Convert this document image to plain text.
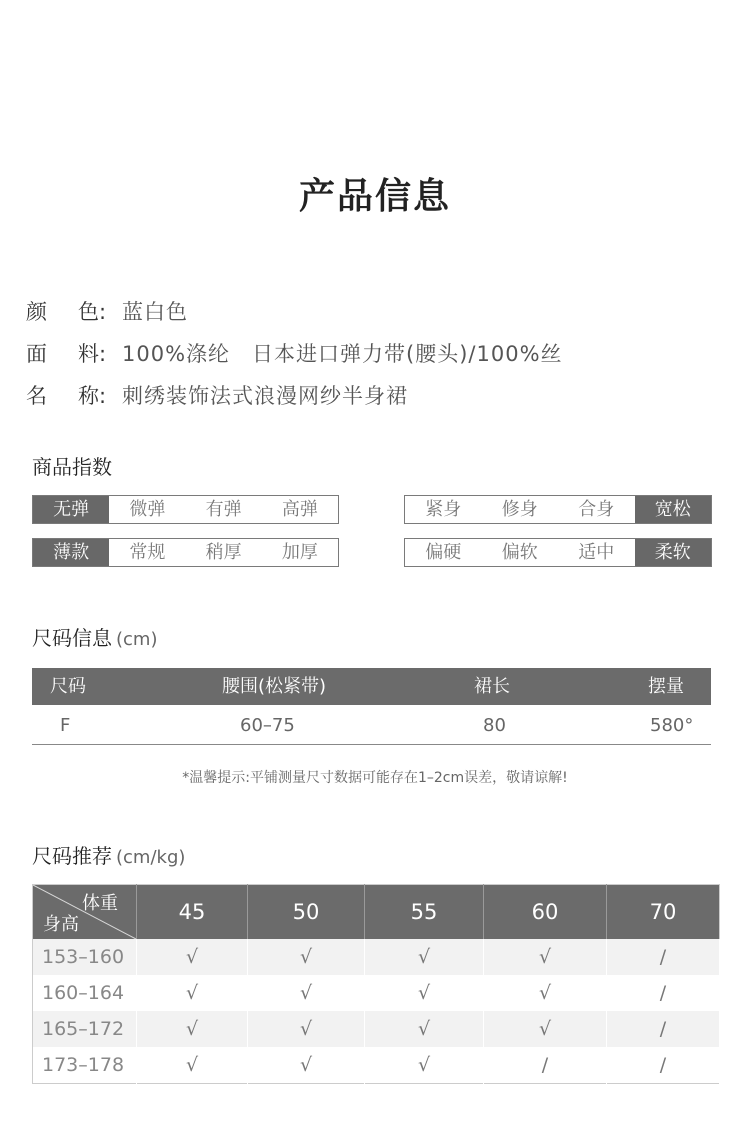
产品信息
颜 色: 蓝白色
面 料: 100%涤纶　日本进口弹力带(腰头)/100%丝
名 称: 刺绣装饰法式浪漫网纱半身裙
商品指数
无弹	微弹	有弹	高弹	紧身	修身	合身	宽松
薄款	常规	稍厚	加厚	偏硬	偏软	适中	柔软
尺码信息 (cm)
尺码	腰围(松紧带)	裙长	摆量
F	60–75	80	580°
*温馨提示:平铺测量尺寸数据可能存在1–2cm误差，敬请谅解!
尺码推荐 (cm/kg)
体重
身高	45	50	55	60	70
153–160	√	√	√	√	/
160–164	√	√	√	√	/
165–172	√	√	√	√	/
173–178	√	√	√	/	/
